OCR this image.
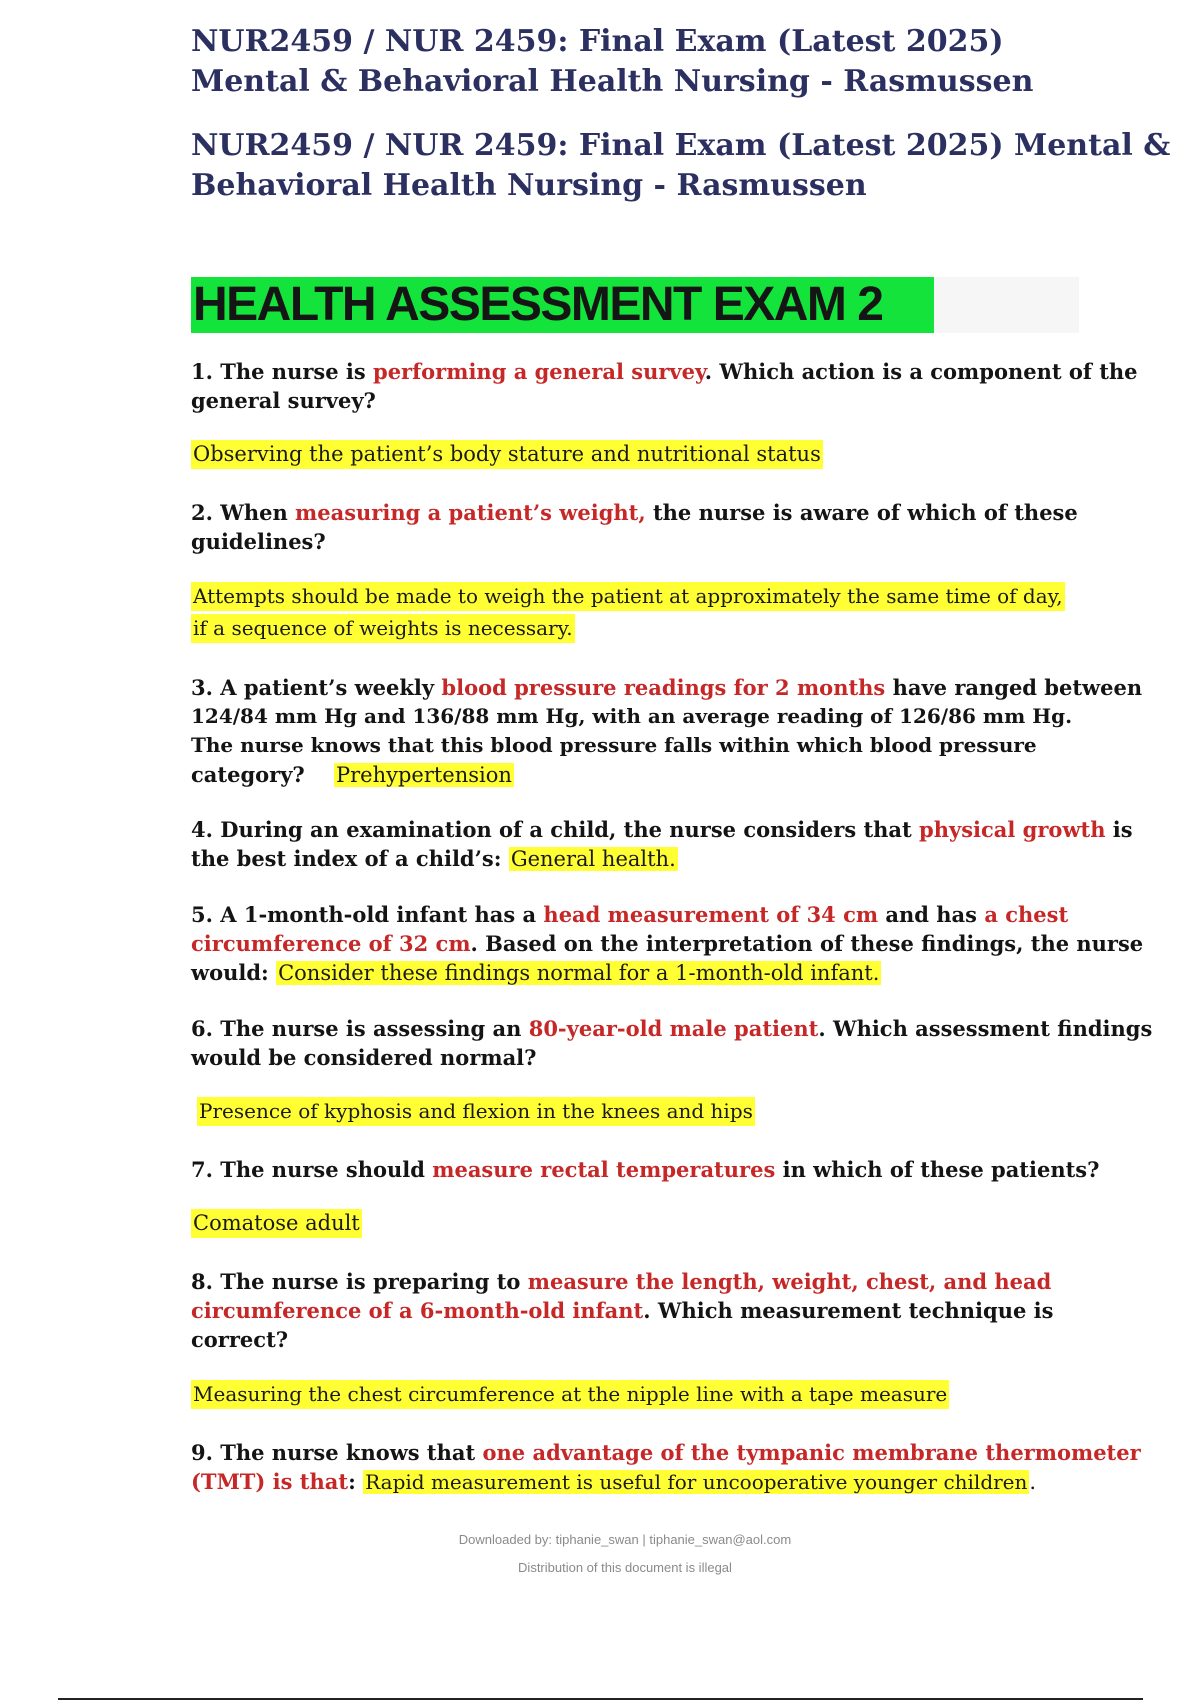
NUR2459 / NUR 2459: Final Exam (Latest 2025)
Mental & Behavioral Health Nursing - Rasmussen
NUR2459 / NUR 2459: Final Exam (Latest 2025) Mental &
Behavioral Health Nursing - Rasmussen
HEALTH ASSESSMENT EXAM 2
1. The nurse is performing a general survey. Which action is a component of the
general survey?
Observing the patient’s body stature and nutritional status
2. When measuring a patient’s weight, the nurse is aware of which of these
guidelines?
Attempts should be made to weigh the patient at approximately the same time of day,
if a sequence of weights is necessary.
3. A patient’s weekly blood pressure readings for 2 months have ranged between
124/84 mm Hg and 136/88 mm Hg, with an average reading of 126/86 mm Hg.
The nurse knows that this blood pressure falls within which blood pressure
category? Prehypertension
4. During an examination of a child, the nurse considers that physical growth is
the best index of a child’s: General health.
5. A 1-month-old infant has a head measurement of 34 cm and has a chest
circumference of 32 cm. Based on the interpretation of these findings, the nurse
would: Consider these findings normal for a 1-month-old infant.
6. The nurse is assessing an 80-year-old male patient. Which assessment findings
would be considered normal?
Presence of kyphosis and flexion in the knees and hips
7. The nurse should measure rectal temperatures in which of these patients?
Comatose adult
8. The nurse is preparing to measure the length, weight, chest, and head
circumference of a 6-month-old infant. Which measurement technique is
correct?
Measuring the chest circumference at the nipple line with a tape measure
9. The nurse knows that one advantage of the tympanic membrane thermometer
(TMT) is that: Rapid measurement is useful for uncooperative younger children.
Downloaded by: tiphanie_swan | tiphanie_swan@aol.com
Distribution of this document is illegal
